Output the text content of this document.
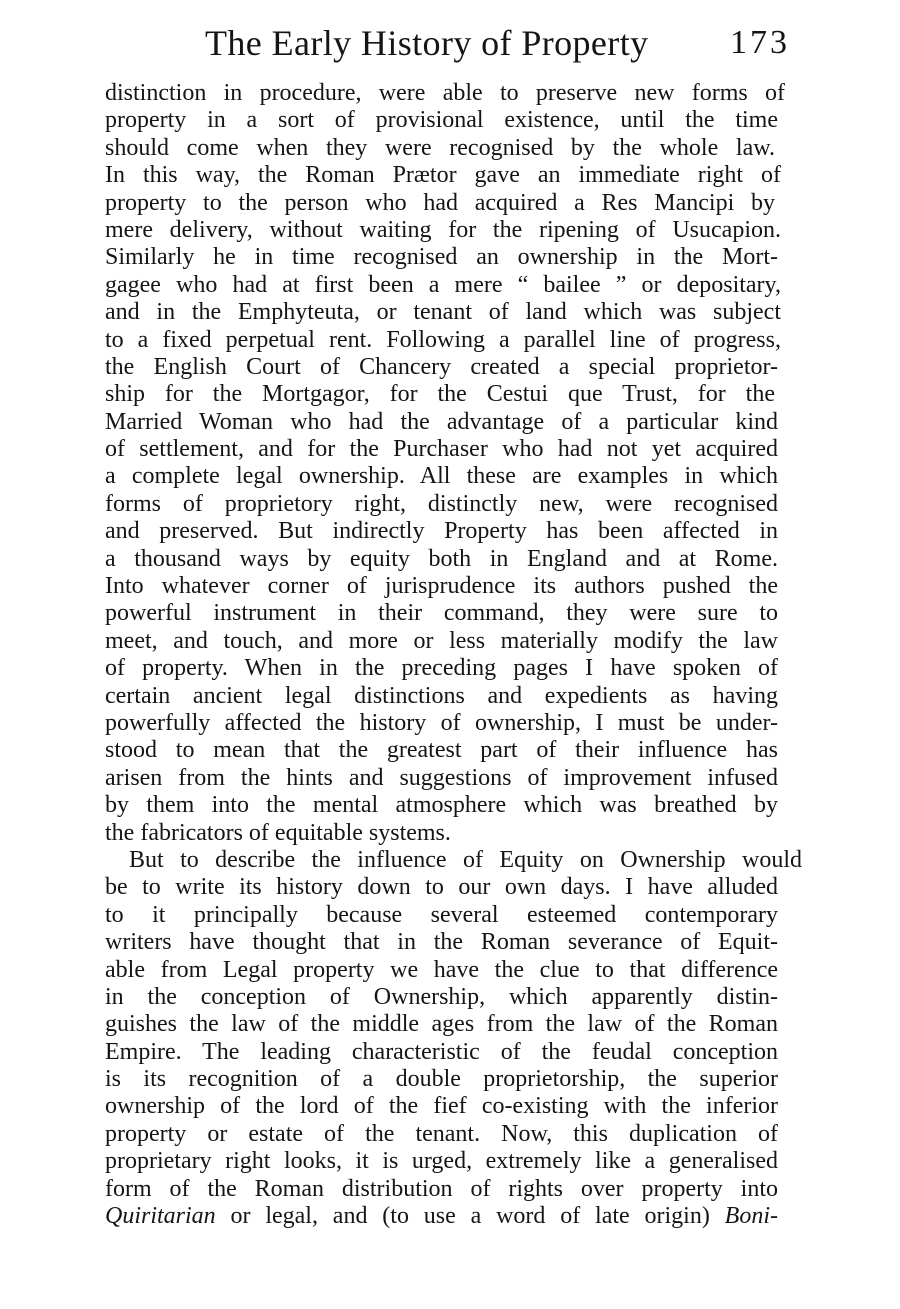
The Early History of Property 173
distinction in procedure, were able to preserve new forms of
property in a sort of provisional existence, until the time
should come when they were recognised by the whole law.
In this way, the Roman Prætor gave an immediate right of
property to the person who had acquired a Res Mancipi by
mere delivery, without waiting for the ripening of Usucapion.
Similarly he in time recognised an ownership in the Mort-
gagee who had at first been a mere “ bailee ” or depositary,
and in the Emphyteuta, or tenant of land which was subject
to a fixed perpetual rent. Following a parallel line of progress,
the English Court of Chancery created a special proprietor-
ship for the Mortgagor, for the Cestui que Trust, for the
Married Woman who had the advantage of a particular kind
of settlement, and for the Purchaser who had not yet acquired
a complete legal ownership. All these are examples in which
forms of proprietory right, distinctly new, were recognised
and preserved. But indirectly Property has been affected in
a thousand ways by equity both in England and at Rome.
Into whatever corner of jurisprudence its authors pushed the
powerful instrument in their command, they were sure to
meet, and touch, and more or less materially modify the law
of property. When in the preceding pages I have spoken of
certain ancient legal distinctions and expedients as having
powerfully affected the history of ownership, I must be under-
stood to mean that the greatest part of their influence has
arisen from the hints and suggestions of improvement infused
by them into the mental atmosphere which was breathed by
the fabricators of equitable systems.
But to describe the influence of Equity on Ownership would
be to write its history down to our own days. I have alluded
to it principally because several esteemed contemporary
writers have thought that in the Roman severance of Equit-
able from Legal property we have the clue to that difference
in the conception of Ownership, which apparently distin-
guishes the law of the middle ages from the law of the Roman
Empire. The leading characteristic of the feudal conception
is its recognition of a double proprietorship, the superior
ownership of the lord of the fief co-existing with the inferior
property or estate of the tenant. Now, this duplication of
proprietary right looks, it is urged, extremely like a generalised
form of the Roman distribution of rights over property into
Quiritarian or legal, and (to use a word of late origin) Boni-
